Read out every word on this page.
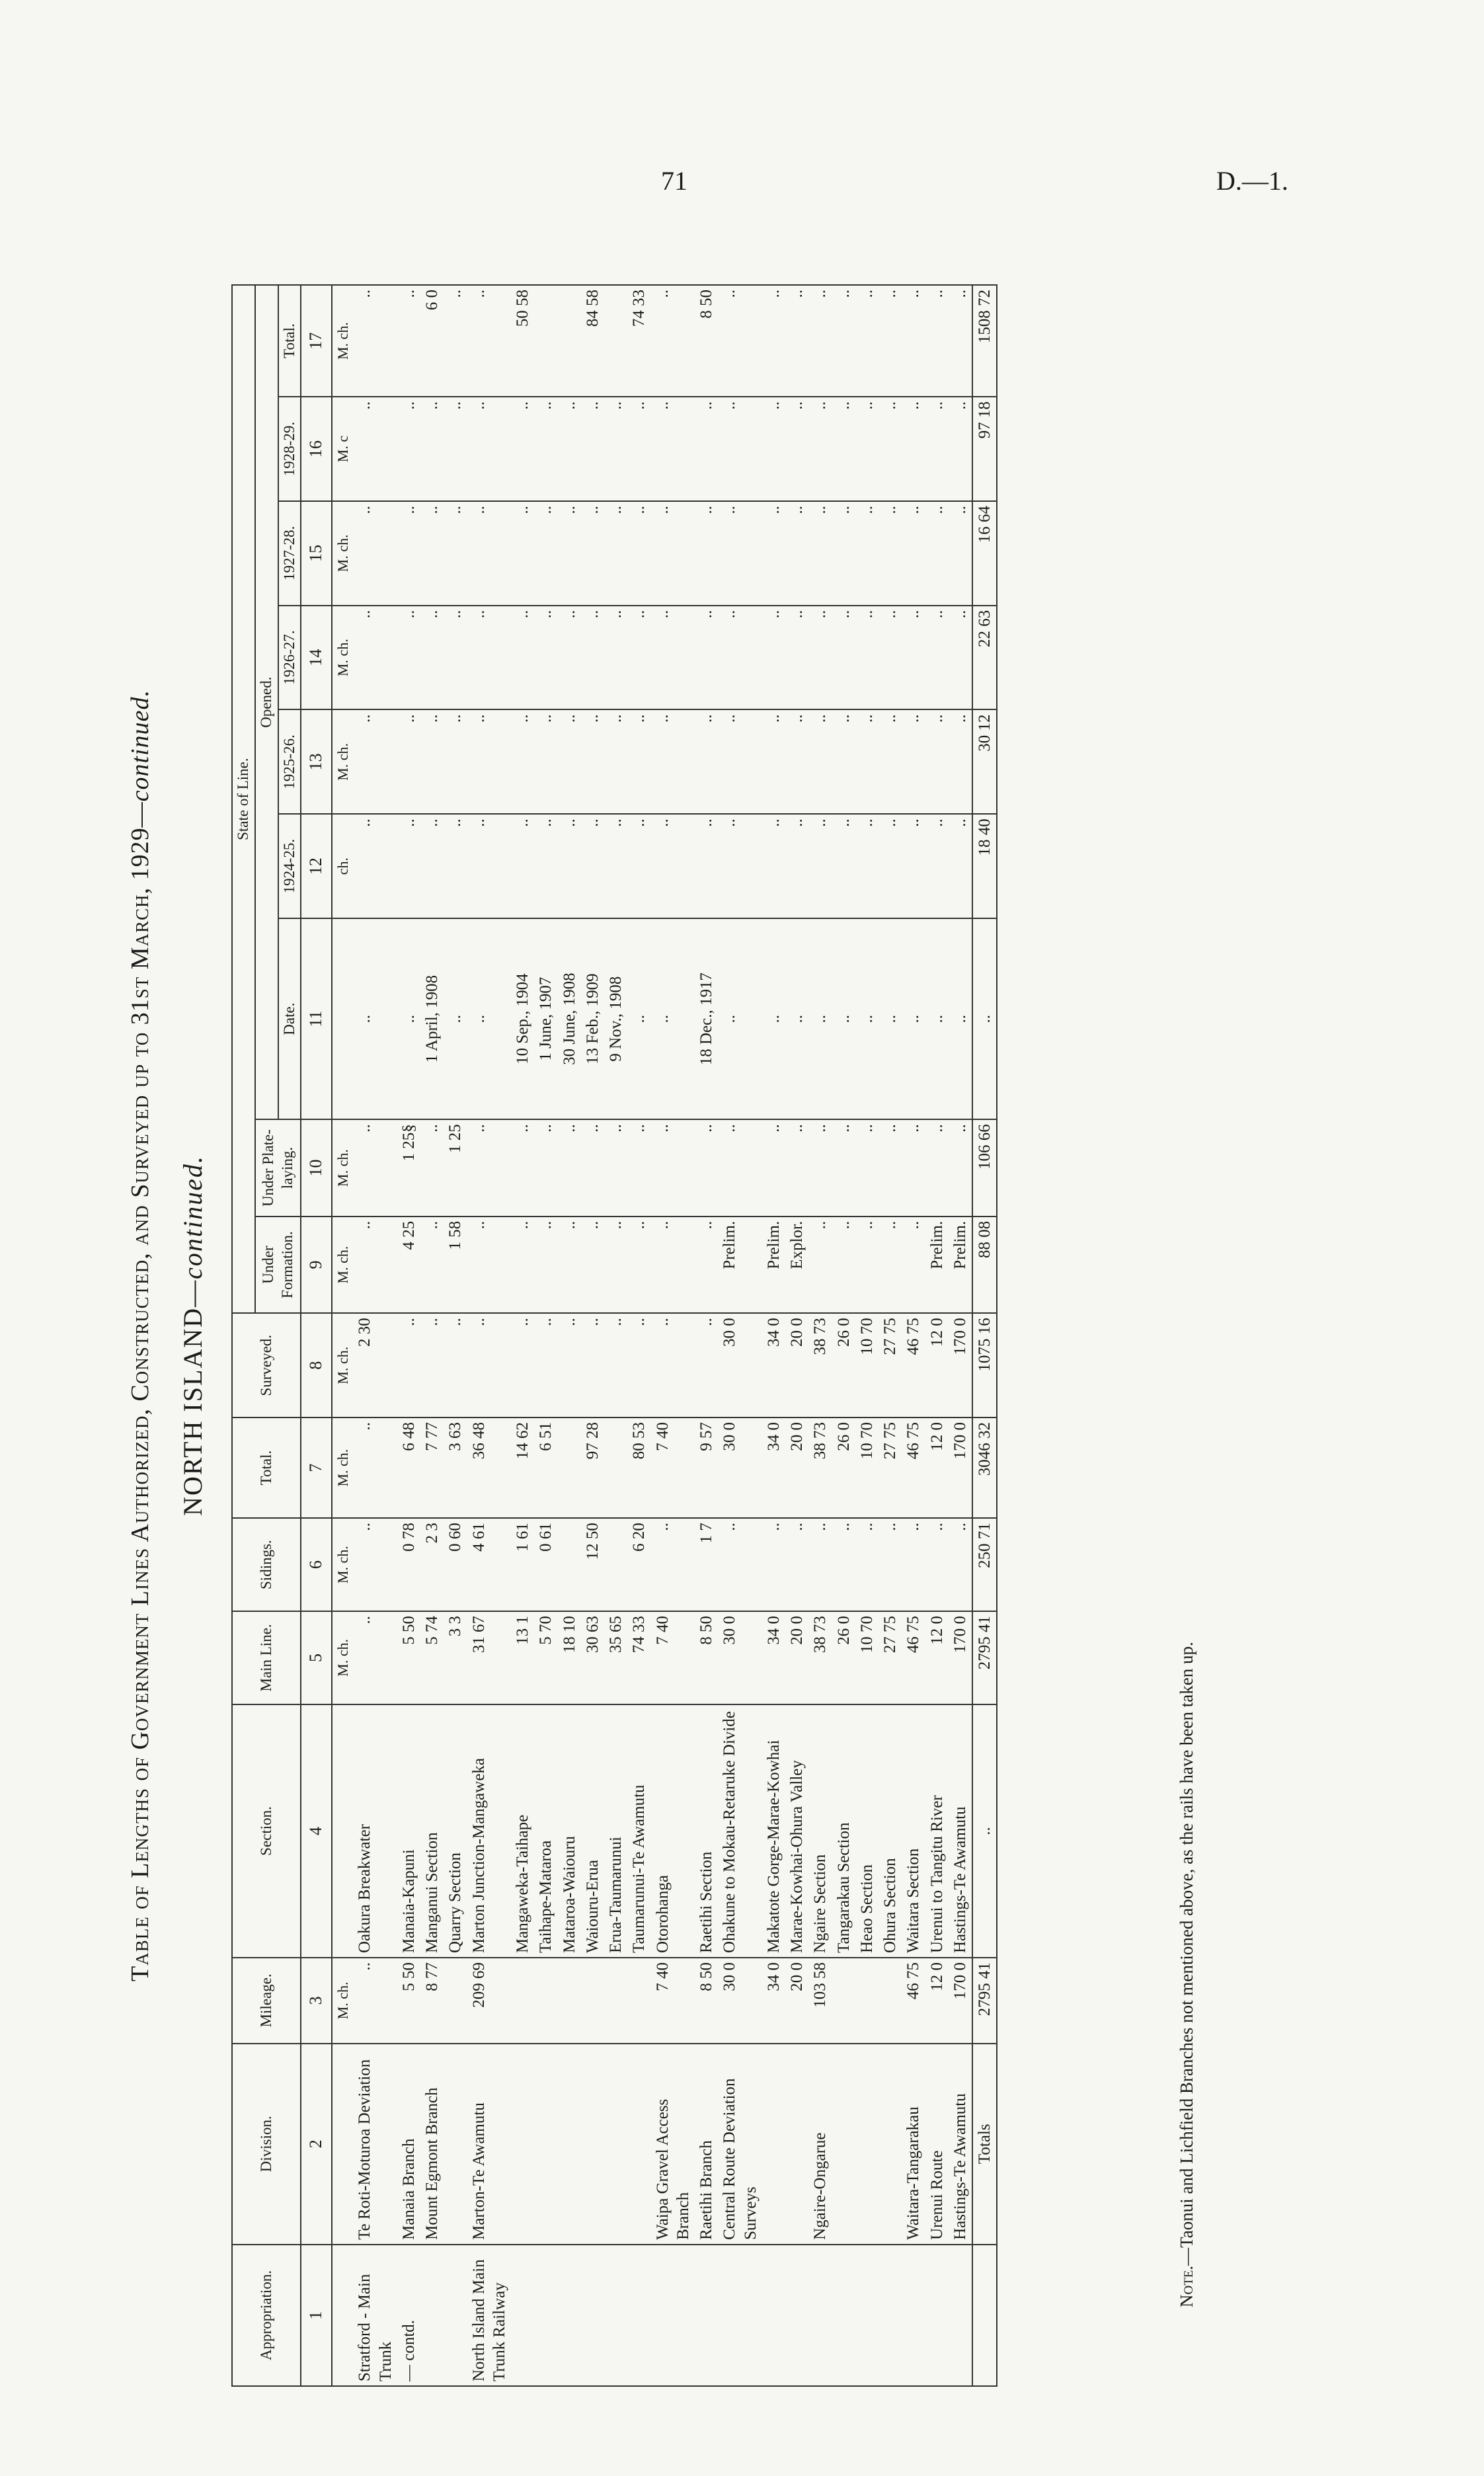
71	D.—1.
Table of Lengths of Government Lines Authorized, Constructed, and Surveyed up to 31st March, 1929—continued.
NORTH ISLAND—continued.
Appropriation.	Division.	Mileage.	Section.	Main Line.	Sidings.	Total.	Surveyed.	State of Line.								
								Under Formation.	Under Plate-laying.	Opened.						
										Date.	1924-25.	1925-26.	1926-27.	1927-28.	1928-29.	Total.
1	2	3	4	5	6	7	8	9	10	11	12	13	14	15	16	17
		M. ch.		M. ch.	M. ch.	M. ch.	M. ch.	M. ch.	M. ch.		ch.	M. ch.	M. ch.	M. ch.	M. c	M. ch.
Stratford - Main Trunk	Te Roti-Moturoa Deviation	..	Oakura Breakwater	..	..	..	2 30	..	..	..	..	..	..	..	..	..
— contd.	Manaia Branch	5 50	Manaia-Kapuni	5 50	0 78	6 48	..	4 25	1 25§	..	..	..	..	..	..	..
	Mount Egmont Branch	8 77	Manganui Section	5 74	2 3	7 77	..	..	..	1 April, 1908	..	..	..	..	..	6 0
			Quarry Section	3 3	0 60	3 63	..	1 58	1 25	..	..	..	..	..	..	..
North Island Main Trunk Railway	Marton-Te Awamutu	209 69	Marton Junction-Mangaweka	31 67	4 61	36 48	..	..	..	..	..	..	..	..	..	..
			Mangaweka-Taihape	13 1	1 61	14 62	..	..	..	10 Sep., 1904	..	..	..	..	..	50 58
			Taihape-Mataroa	5 70	0 61	6 51	..	..	..	1 June, 1907	..	..	..	..	..	
			Mataroa-Waiouru	18 10			..	..	..	30 June, 1908	..	..	..	..	..	
			Waiouru-Erua	30 63	12 50	97 28	..	..	..	13 Feb., 1909	..	..	..	..	..	84 58
			Erua-Taumarunui	35 65			..	..	..	9 Nov., 1908	..	..	..	..	..	
			Taumarunui-Te Awamutu	74 33	6 20	80 53	..	..	..	..	..	..	..	..	..	74 33
	Waipa Gravel Access Branch	7 40	Otorohanga	7 40	..	7 40	..	..	..	..	..	..	..	..	..	..
	Raetihi Branch	8 50	Raetihi Section	8 50	1 7	9 57	..	..	..	18 Dec., 1917	..	..	..	..	..	8 50
	Central Route Deviation Surveys	30 0	Ohakune to Mokau-Retaruke Divide	30 0	..	30 0	30 0	Prelim.	..	..	..	..	..	..	..	..
		34 0	Makatote Gorge-Marae-Kowhai	34 0	..	34 0	34 0	Prelim.	..	..	..	..	..	..	..	..
		20 0	Marae-Kowhai-Ohura Valley	20 0	..	20 0	20 0	Explor.	..	..	..	..	..	..	..	..
	Ngaire-Ongarue	103 58	Ngaire Section	38 73	..	38 73	38 73	..	..	..	..	..	..	..	..	..
			Tangarakau Section	26 0	..	26 0	26 0	..	..	..	..	..	..	..	..	..
			Heao Section	10 70	..	10 70	10 70	..	..	..	..	..	..	..	..	..
			Ohura Section	27 75	..	27 75	27 75	..	..	..	..	..	..	..	..	..
	Waitara-Tangarakau	46 75	Waitara Section	46 75	..	46 75	46 75	..	..	..	..	..	..	..	..	..
	Urenui Route	12 0	Urenui to Tangitu River	12 0	..	12 0	12 0	Prelim.	..	..	..	..	..	..	..	..
	Hastings-Te Awamutu	170 0	Hastings-Te Awamutu	170 0	..	170 0	170 0	Prelim.	..	..	..	..	..	..	..	..
	Totals	2795 41	..	2795 41	250 71	3046 32	1075 16	88 08	106 66	..	18 40	30 12	22 63	16 64	97 18	1508 72
Note.—Taonui and Lichfield Branches not mentioned above, as the rails have been taken up.
